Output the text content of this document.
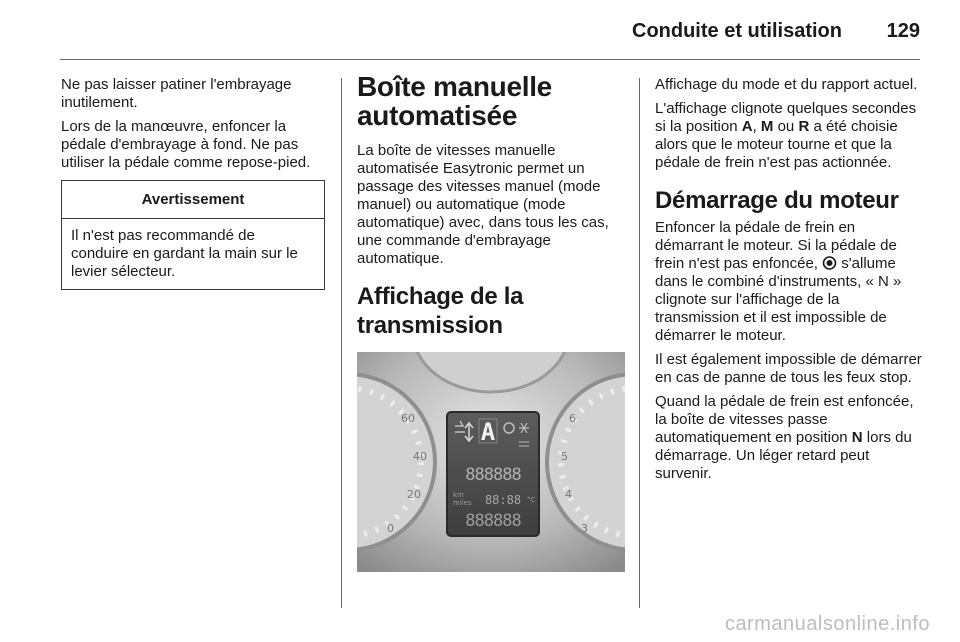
Conduite et utilisation 129

Ne pas laisser patiner l'embrayage inutilement.

Lors de la manœuvre, enfoncer la pédale d'embrayage à fond. Ne pas utiliser la pédale comme repose-pied.

Avertissement
Il n'est pas recommandé de conduire en gardant la main sur le levier sélecteur.
Boîte manuelle automatisée

La boîte de vitesses manuelle automatisée Easytronic permet un passage des vitesses manuel (mode manuel) ou automatique (mode automatique) avec, dans tous les cas, une commande d'embrayage automatique.

Affichage de la transmission
60
40
20
0
6
5
4
3
A
888888
km
miles 88:88 °C
888888

Affichage du mode et du rapport actuel.

L'affichage clignote quelques secondes si la position A, M ou R a été choisie alors que le moteur tourne et que la pédale de frein n'est pas actionnée.

Démarrage du moteur

Enfoncer la pédale de frein en démarrant le moteur. Si la pédale de frein n'est pas enfoncée,  s'allume dans le combiné d'instruments, « N » clignote sur l'affichage de la transmission et il est impossible de démarrer le moteur.

Il est également impossible de démarrer en cas de panne de tous les feux stop.

Quand la pédale de frein est enfoncée, la boîte de vitesses passe automatiquement en position N lors du démarrage. Un léger retard peut survenir.

carmanualsonline.info
